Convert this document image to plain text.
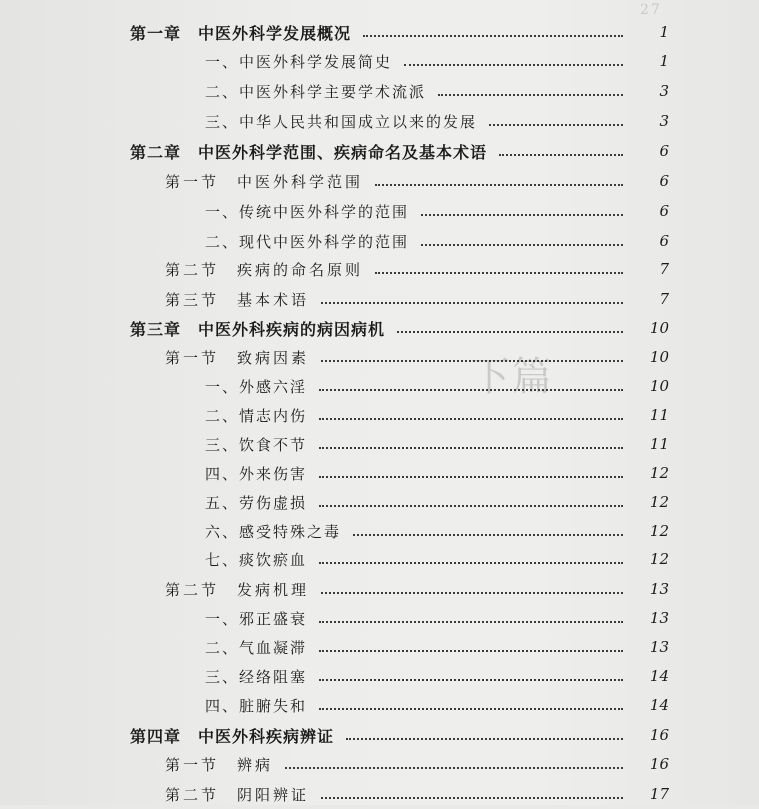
27
下篇
第一章　中医外科学发展概况	1
一、中医外科学发展简史	1
二、中医外科学主要学术流派	3
三、中华人民共和国成立以来的发展	3
第二章　中医外科学范围、疾病命名及基本术语	6
第一节　中医外科学范围	6
一、传统中医外科学的范围	6
二、现代中医外科学的范围	6
第二节　疾病的命名原则	7
第三节　基本术语	7
第三章　中医外科疾病的病因病机	10
第一节　致病因素	10
一、外感六淫	10
二、情志内伤	11
三、饮食不节	11
四、外来伤害	12
五、劳伤虚损	12
六、感受特殊之毒	12
七、痰饮瘀血	12
第二节　发病机理	13
一、邪正盛衰	13
二、气血凝滞	13
三、经络阻塞	14
四、脏腑失和	14
第四章　中医外科疾病辨证	16
第一节　辨病	16
第二节　阴阳辨证	17
